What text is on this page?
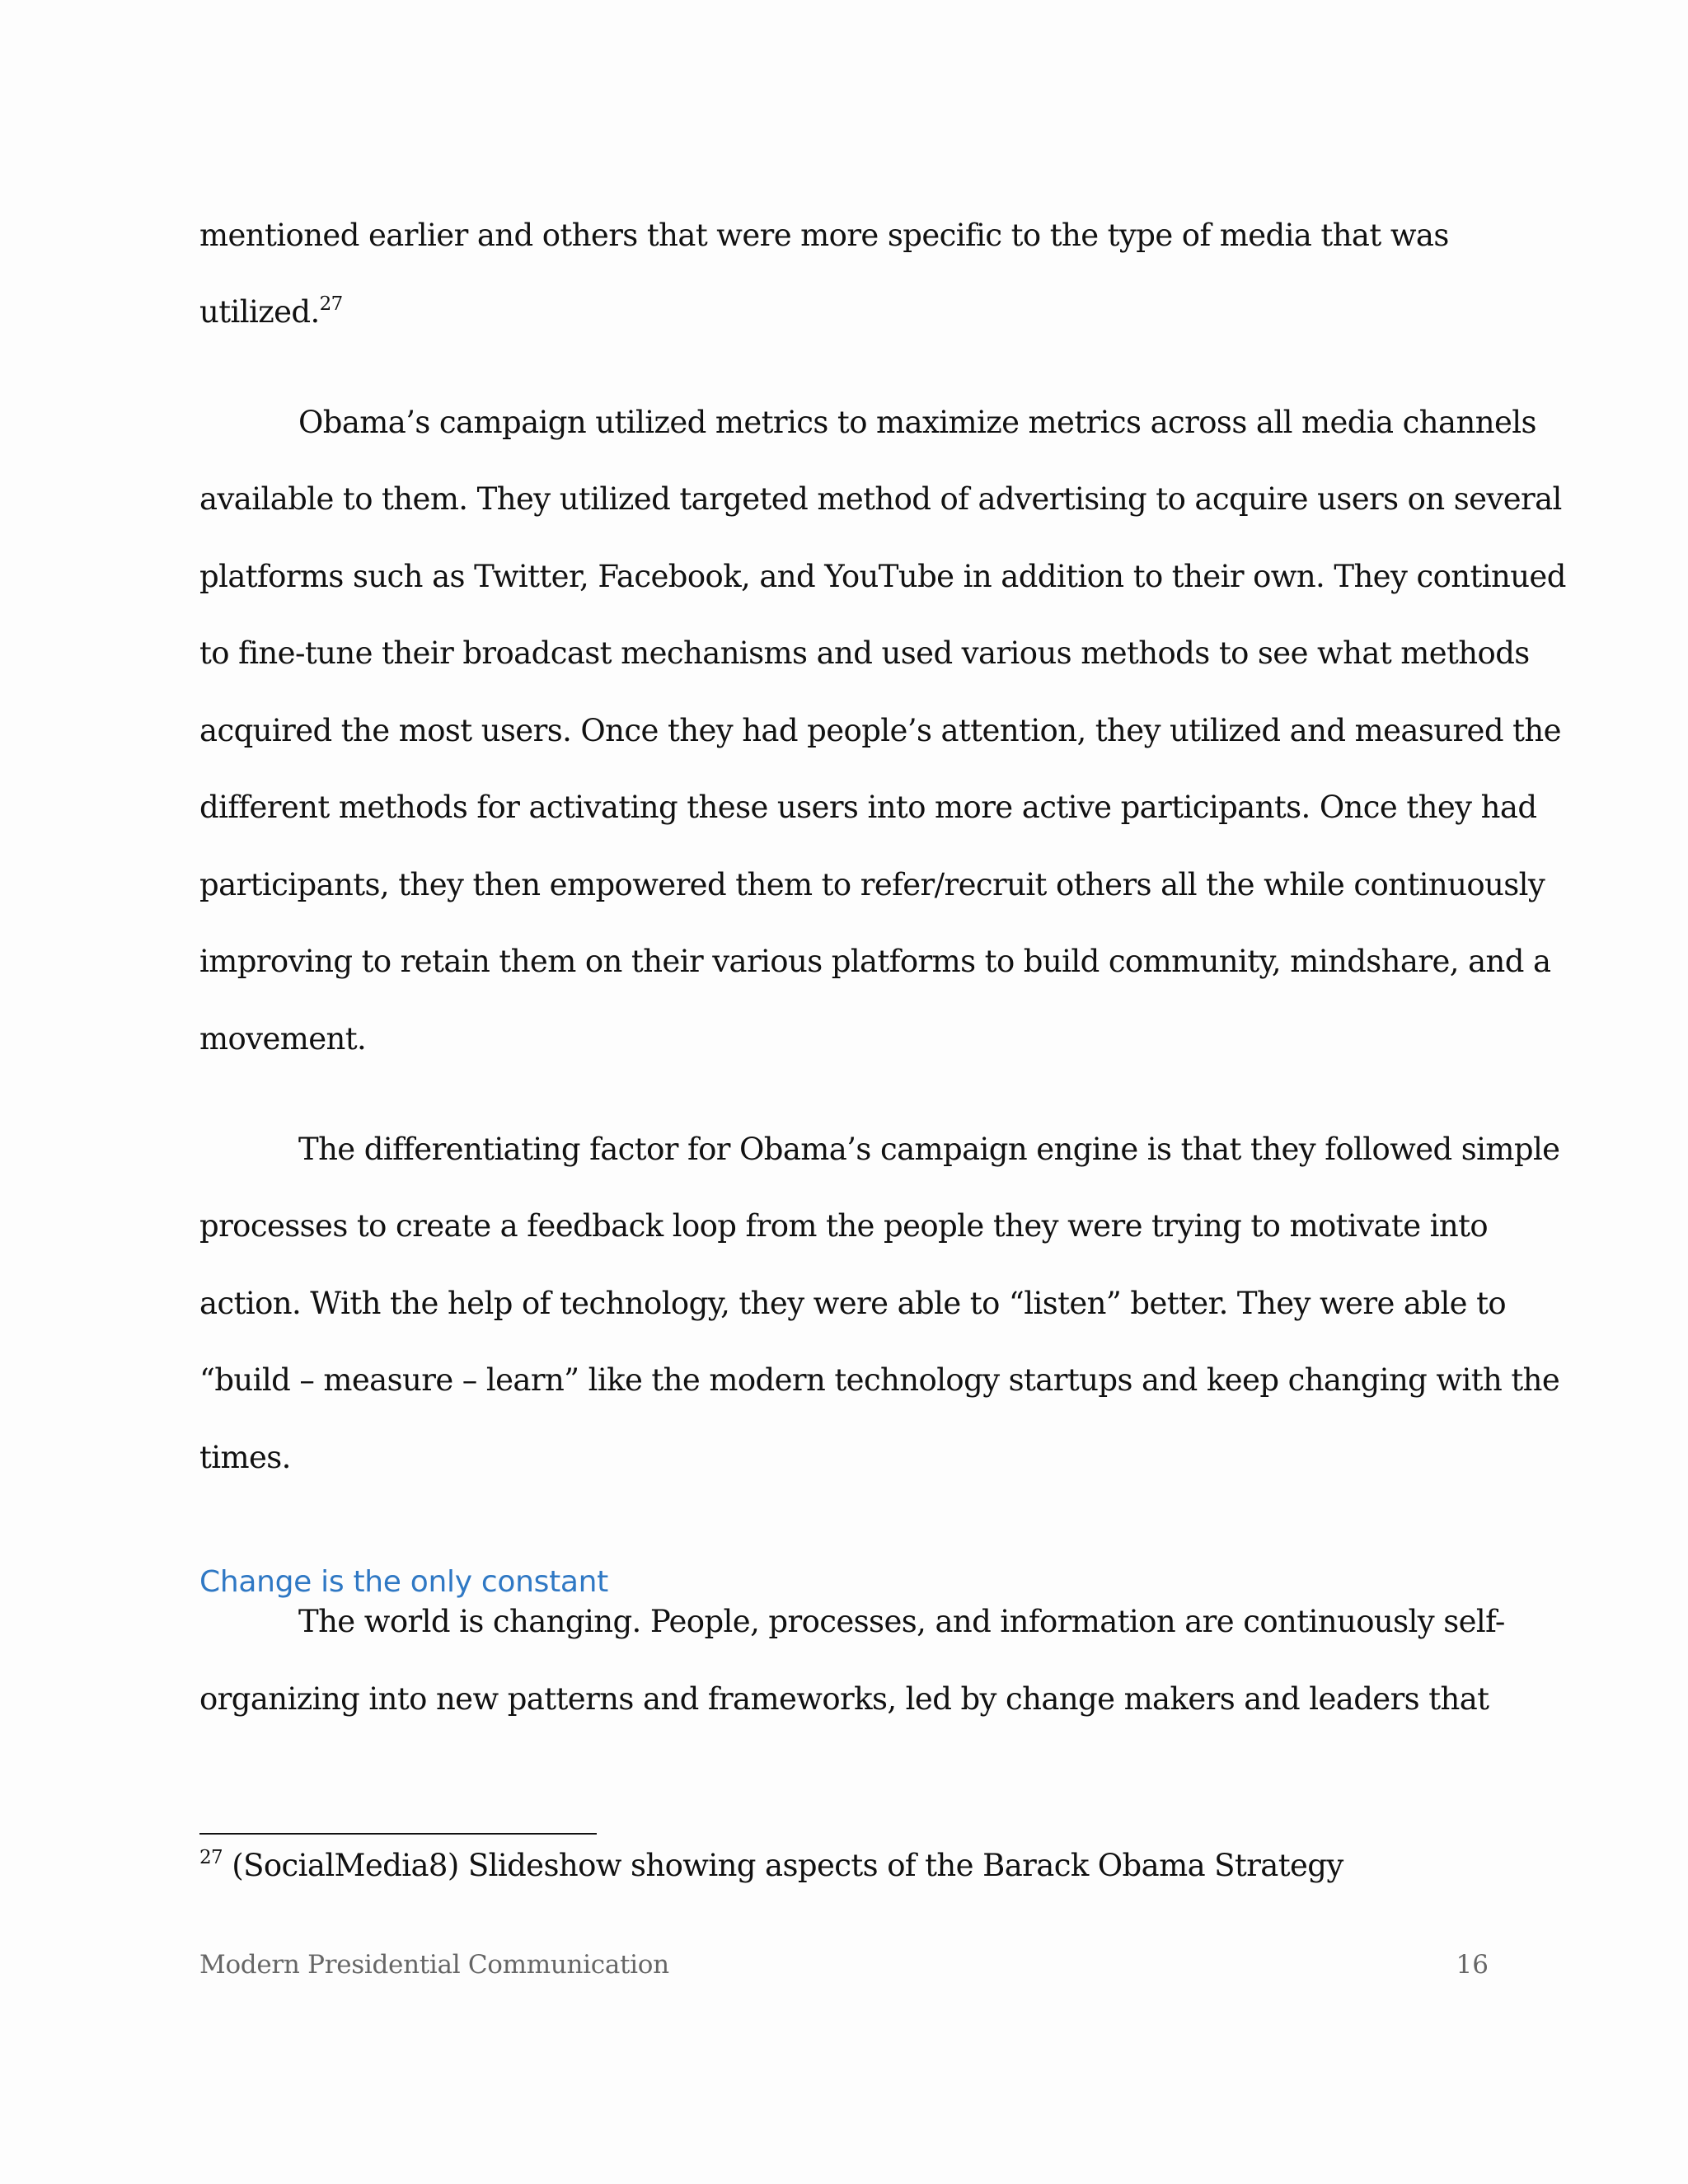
mentioned earlier and others that were more specific to the type of media that was
utilized.$^{27}$
Obama’s campaign utilized metrics to maximize metrics across all media channels
available to them. They utilized targeted method of advertising to acquire users on several
platforms such as Twitter, Facebook, and YouTube in addition to their own. They continued
to fine-tune their broadcast mechanisms and used various methods to see what methods
acquired the most users. Once they had people’s attention, they utilized and measured the
different methods for activating these users into more active participants. Once they had
participants, they then empowered them to refer/recruit others all the while continuously
improving to retain them on their various platforms to build community, mindshare, and a
movement.
The differentiating factor for Obama’s campaign engine is that they followed simple
processes to create a feedback loop from the people they were trying to motivate into
action. With the help of technology, they were able to “listen” better. They were able to
“build – measure – learn” like the modern technology startups and keep changing with the
times.
Change is the only constant
The world is changing. People, processes, and information are continuously self-
organizing into new patterns and frameworks, led by change makers and leaders that
$^{27}$ (SocialMedia8) Slideshow showing aspects of the Barack Obama Strategy
Modern Presidential Communication	16
